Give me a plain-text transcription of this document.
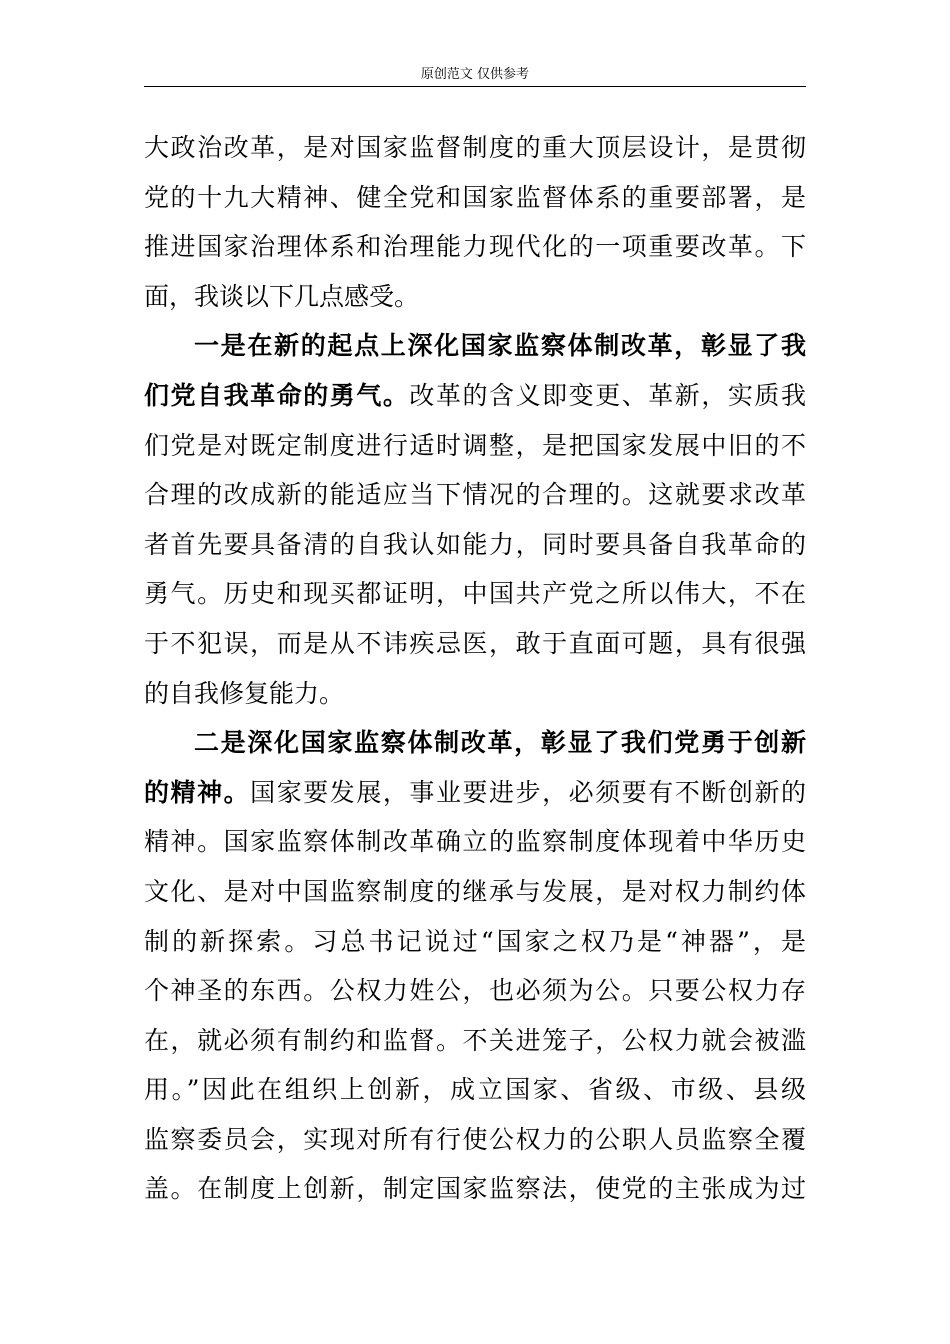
原创范文 仅供参考
大政治改革，是对国家监督制度的重大顶层设计，是贯彻
党的十九大精神、健全党和国家监督体系的重要部署，是
推进国家治理体系和治理能力现代化的一项重要改革。下
面，我谈以下几点感受。
一是在新的起点上深化国家监察体制改革，彰显了我
们党自我革命的勇气。改革的含义即变更、革新，实质我
们党是对既定制度进行适时调整，是把国家发展中旧的不
合理的改成新的能适应当下情况的合理的。这就要求改革
者首先要具备清的自我认如能力，同时要具备自我革命的
勇气。历史和现买都证明，中国共产党之所以伟大，不在
于不犯误，而是从不讳疾忌医，敢于直面可题，具有很强
的自我修复能力。
二是深化国家监察体制改革，彰显了我们党勇于创新
的精神。国家要发展，事业要进步，必须要有不断创新的
精神。国家监察体制改革确立的监察制度体现着中华历史
文化、是对中国监察制度的继承与发展，是对权力制约体
制的新探索。习总书记说过“国家之权乃是“神器”，是
个神圣的东西。公权力姓公，也必须为公。只要公权力存
在，就必须有制约和监督。不关进笼子，公权力就会被滥
用。”因此在组织上创新，成立国家、省级、市级、县级
监察委员会，实现对所有行使公权力的公职人员监察全覆
盖。在制度上创新，制定国家监察法，使党的主张成为过
